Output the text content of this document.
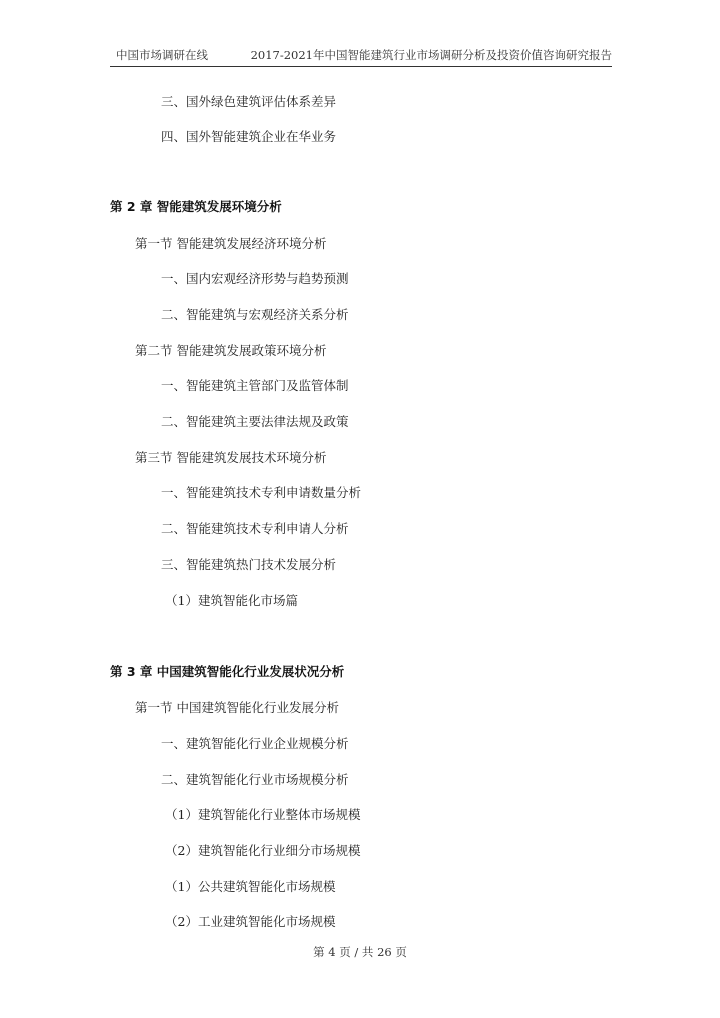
中国市场调研在线	2017-2021年中国智能建筑行业市场调研分析及投资价值咨询研究报告
三、国外绿色建筑评估体系差异
四、国外智能建筑企业在华业务
第 2 章 智能建筑发展环境分析
第一节 智能建筑发展经济环境分析
一、国内宏观经济形势与趋势预测
二、智能建筑与宏观经济关系分析
第二节 智能建筑发展政策环境分析
一、智能建筑主管部门及监管体制
二、智能建筑主要法律法规及政策
第三节 智能建筑发展技术环境分析
一、智能建筑技术专利申请数量分析
二、智能建筑技术专利申请人分析
三、智能建筑热门技术发展分析
（1）建筑智能化市场篇
第 3 章 中国建筑智能化行业发展状况分析
第一节 中国建筑智能化行业发展分析
一、建筑智能化行业企业规模分析
二、建筑智能化行业市场规模分析
（1）建筑智能化行业整体市场规模
（2）建筑智能化行业细分市场规模
（1）公共建筑智能化市场规模
（2）工业建筑智能化市场规模
第 4 页 / 共 26 页
